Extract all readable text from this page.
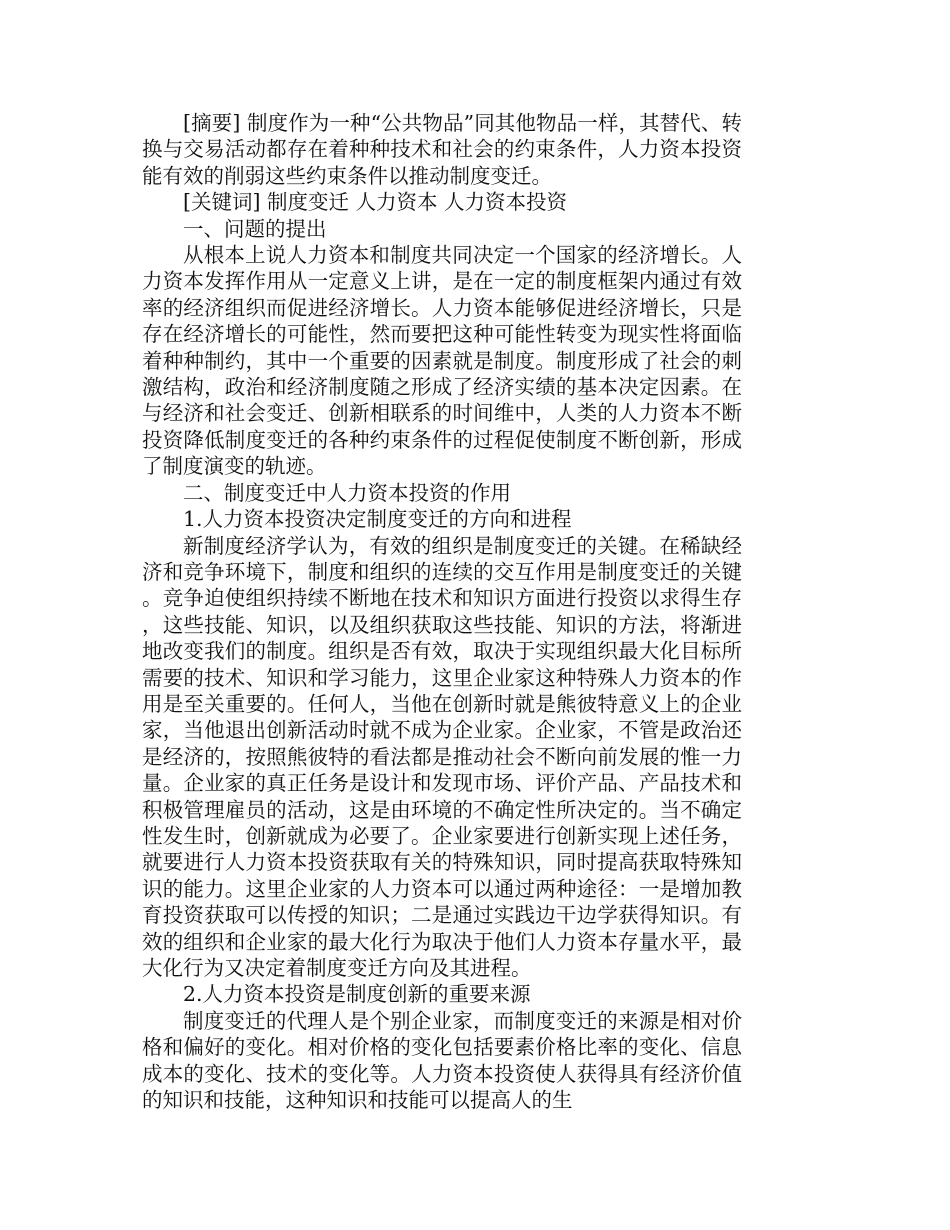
[摘要] 制度作为一种“公共物品”同其他物品一样，其替代、转换与交易活动都存在着种种技术和社会的约束条件，人力资本投资能有效的削弱这些约束条件以推动制度变迁。

[关键词] 制度变迁 人力资本 人力资本投资

一、问题的提出

从根本上说人力资本和制度共同决定一个国家的经济增长。人力资本发挥作用从一定意义上讲，是在一定的制度框架内通过有效率的经济组织而促进经济增长。人力资本能够促进经济增长，只是存在经济增长的可能性，然而要把这种可能性转变为现实性将面临着种种制约，其中一个重要的因素就是制度。制度形成了社会的刺激结构，政治和经济制度随之形成了经济实绩的基本决定因素。在与经济和社会变迁、创新相联系的时间维中，人类的人力资本不断投资降低制度变迁的各种约束条件的过程促使制度不断创新，形成了制度演变的轨迹。

二、制度变迁中人力资本投资的作用

1.人力资本投资决定制度变迁的方向和进程

新制度经济学认为，有效的组织是制度变迁的关键。在稀缺经济和竞争环境下，制度和组织的连续的交互作用是制度变迁的关键。竞争迫使组织持续不断地在技术和知识方面进行投资以求得生存，这些技能、知识，以及组织获取这些技能、知识的方法，将渐进地改变我们的制度。组织是否有效，取决于实现组织最大化目标所需要的技术、知识和学习能力，这里企业家这种特殊人力资本的作用是至关重要的。任何人，当他在创新时就是熊彼特意义上的企业家，当他退出创新活动时就不成为企业家。企业家，不管是政治还是经济的，按照熊彼特的看法都是推动社会不断向前发展的惟一力量。企业家的真正任务是设计和发现市场、评价产品、产品技术和积极管理雇员的活动，这是由环境的不确定性所决定的。当不确定性发生时，创新就成为必要了。企业家要进行创新实现上述任务，就要进行人力资本投资获取有关的特殊知识，同时提高获取特殊知识的能力。这里企业家的人力资本可以通过两种途径：一是增加教育投资获取可以传授的知识；二是通过实践边干边学获得知识。有效的组织和企业家的最大化行为取决于他们人力资本存量水平，最大化行为又决定着制度变迁方向及其进程。

2.人力资本投资是制度创新的重要来源

制度变迁的代理人是个别企业家，而制度变迁的来源是相对价格和偏好的变化。相对价格的变化包括要素价格比率的变化、信息成本的变化、技术的变化等。人力资本投资使人获得具有经济价值的知识和技能，这种知识和技能可以提高人的生
